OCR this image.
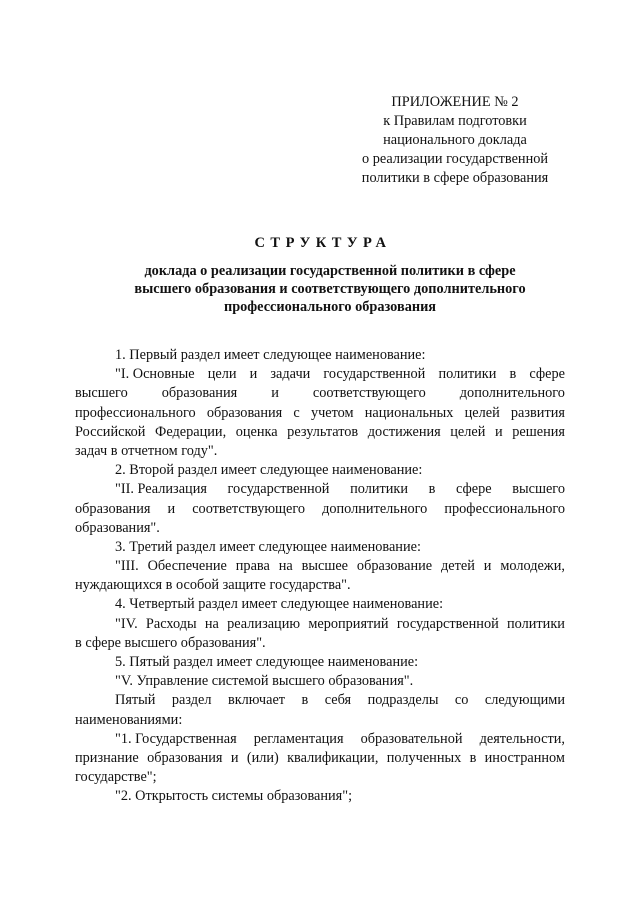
ПРИЛОЖЕНИЕ № 2
к Правилам подготовки
национального доклада
о реализации государственной
политики в сфере образования
СТРУКТУРА
доклада о реализации государственной политики в сфере
высшего образования и соответствующего дополнительного
профессионального образования
1. Первый раздел имеет следующее наименование:
"I. Основные цели и задачи государственной политики в сфере
высшего образования и соответствующего дополнительного
профессионального образования с учетом национальных целей развития
Российской Федерации, оценка результатов достижения целей и решения
задач в отчетном году".
2. Второй раздел имеет следующее наименование:
"II. Реализация государственной политики в сфере высшего
образования и соответствующего дополнительного профессионального
образования".
3. Третий раздел имеет следующее наименование:
"III. Обеспечение права на высшее образование детей и молодежи,
нуждающихся в особой защите государства".
4. Четвертый раздел имеет следующее наименование:
"IV. Расходы на реализацию мероприятий государственной политики
в сфере высшего образования".
5. Пятый раздел имеет следующее наименование:
"V. Управление системой высшего образования".
Пятый раздел включает в себя подразделы со следующими
наименованиями:
"1. Государственная регламентация образовательной деятельности,
признание образования и (или) квалификации, полученных в иностранном
государстве";
"2. Открытость системы образования";
